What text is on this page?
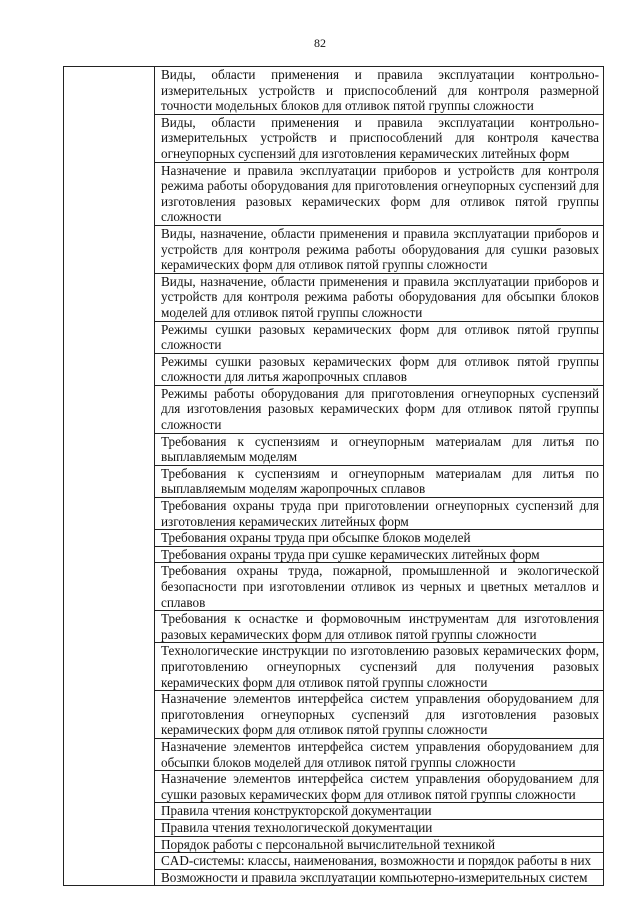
82
	Виды, области применения и правила эксплуатации контрольно-измерительных устройств и приспособлений для контроля размерной точности модельных блоков для отливок пятой группы сложности
Виды, области применения и правила эксплуатации контрольно-измерительных устройств и приспособлений для контроля качества огнеупорных суспензий для изготовления керамических литейных форм
Назначение и правила эксплуатации приборов и устройств для контроля режима работы оборудования для приготовления огнеупорных суспензий для изготовления разовых керамических форм для отливок пятой группы сложности
Виды, назначение, области применения и правила эксплуатации приборов и устройств для контроля режима работы оборудования для сушки разовых керамических форм для отливок пятой группы сложности
Виды, назначение, области применения и правила эксплуатации приборов и устройств для контроля режима работы оборудования для обсыпки блоков моделей для отливок пятой группы сложности
Режимы сушки разовых керамических форм для отливок пятой группы сложности
Режимы сушки разовых керамических форм для отливок пятой группы сложности для литья жаропрочных сплавов
Режимы работы оборудования для приготовления огнеупорных суспензий для изготовления разовых керамических форм для отливок пятой группы сложности
Требования к суспензиям и огнеупорным материалам для литья по выплавляемым моделям
Требования к суспензиям и огнеупорным материалам для литья по выплавляемым моделям жаропрочных сплавов
Требования охраны труда при приготовлении огнеупорных суспензий для изготовления керамических литейных форм
Требования охраны труда при обсыпке блоков моделей
Требования охраны труда при сушке керамических литейных форм
Требования охраны труда, пожарной, промышленной и экологической безопасности при изготовлении отливок из черных и цветных металлов и сплавов
Требования к оснастке и формовочным инструментам для изготовления разовых керамических форм для отливок пятой группы сложности
Технологические инструкции по изготовлению разовых керамических форм, приготовлению огнеупорных суспензий для получения разовых керамических форм для отливок пятой группы сложности
Назначение элементов интерфейса систем управления оборудованием для приготовления огнеупорных суспензий для изготовления разовых керамических форм для отливок пятой группы сложности
Назначение элементов интерфейса систем управления оборудованием для обсыпки блоков моделей для отливок пятой группы сложности
Назначение элементов интерфейса систем управления оборудованием для сушки разовых керамических форм для отливок пятой группы сложности
Правила чтения конструкторской документации
Правила чтения технологической документации
Порядок работы с персональной вычислительной техникой
CAD-системы: классы, наименования, возможности и порядок работы в них
Возможности и правила эксплуатации компьютерно-измерительных систем
